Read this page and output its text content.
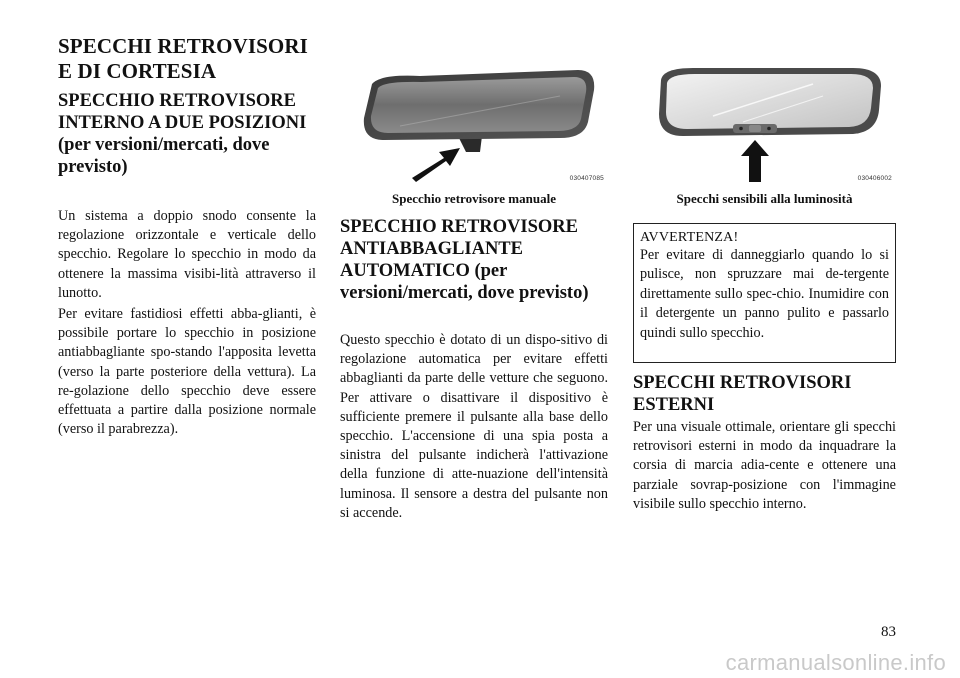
SPECCHI RETROVISORI E DI CORTESIA
SPECCHIO RETROVISORE INTERNO A DUE POSIZIONI (per versioni/mercati, dove previsto)

Un sistema a doppio snodo consente la regolazione orizzontale e verticale dello specchio. Regolare lo specchio in modo da ottenere la massima visibi-lità attraverso il lunotto.

Per evitare fastidiosi effetti abba-glianti, è possibile portare lo specchio in posizione antiabbagliante spo-stando l'apposita levetta (verso la parte posteriore della vettura). La re-golazione dello specchio deve essere effettuata a partire dalla posizione normale (verso il parabrezza).

030407085
Specchio retrovisore manuale
SPECCHIO RETROVISORE ANTIABBAGLIANTE AUTOMATICO (per versioni/mercati, dove previsto)

Questo specchio è dotato di un dispo-sitivo di regolazione automatica per evitare effetti abbaglianti da parte delle vetture che seguono. Per attivare o disattivare il dispositivo è sufficiente premere il pulsante alla base dello specchio. L'accensione di una spia posta a sinistra del pulsante indicherà l'attivazione della funzione di atte-nuazione dell'intensità luminosa. Il sensore a destra del pulsante non si accende.

030406002
Specchi sensibili alla luminosità
AVVERTENZA!

Per evitare di danneggiarlo quando lo si pulisce, non spruzzare mai de-tergente direttamente sullo spec-chio. Inumidire con il detergente un panno pulito e passarlo quindi sullo specchio.

SPECCHI RETROVISORI ESTERNI

Per una visuale ottimale, orientare gli specchi retrovisori esterni in modo da inquadrare la corsia di marcia adia-cente e ottenere una parziale sovrap-posizione con l'immagine visibile sullo specchio interno.

83
carmanualsonline.info
